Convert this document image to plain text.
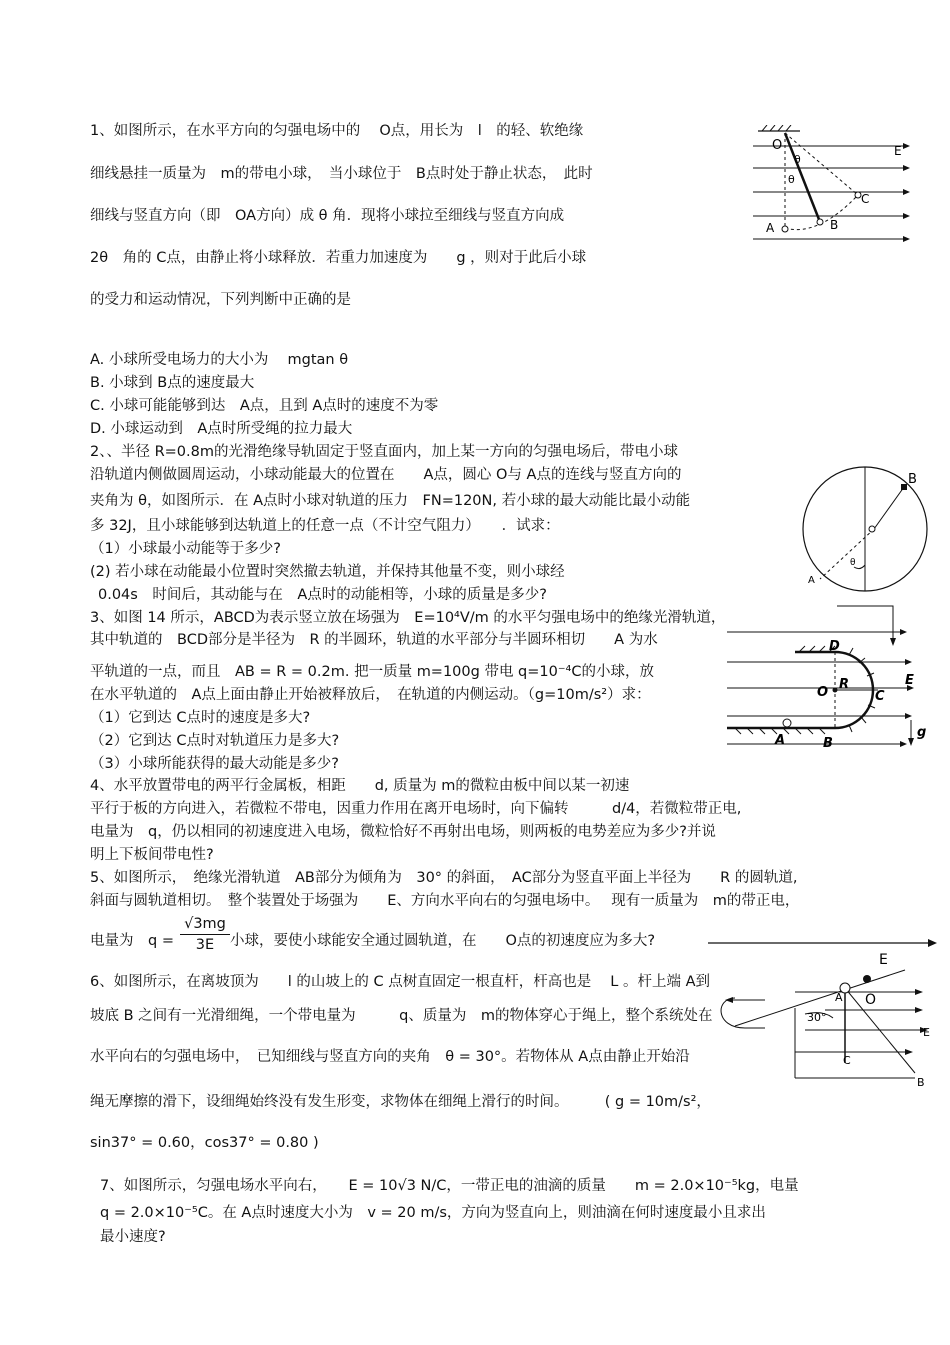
1、如图所示，在水平方向的匀强电场中的　 O点，用长为　l　的轻、软绝缘
细线悬挂一质量为　m的带电小球，　当小球位于　B点时处于静止状态，　此时
细线与竖直方向（即　OA方向）成 θ 角．现将小球拉至细线与竖直方向成
2θ　角的 C点，由静止将小球释放．若重力加速度为　　g ，则对于此后小球
的受力和运动情况，下列判断中正确的是
A. 小球所受电场力的大小为　 mgtan θ
B. 小球到 B点的速度最大
C. 小球可能能够到达　A点，且到 A点时的速度不为零
D. 小球运动到　A点时所受绳的拉力最大
O	E
θ
θ
C
A	B
2、、半径 R=0.8m的光滑绝缘导轨固定于竖直面内，加上某一方向的匀强电场后，带电小球
沿轨道内侧做圆周运动，小球动能最大的位置在　　A点，圆心 O与 A点的连线与竖直方向的
夹角为 θ，如图所示．在 A点时小球对轨道的压力　FN=120N, 若小球的最大动能比最小动能
多 32J，且小球能够到达轨道上的任意一点（不计空气阻力）　　．试求：
（1）小球最小动能等于多少?
(2) 若小球在动能最小位置时突然撤去轨道，并保持其他量不变，则小球经
0.04s　时间后，其动能与在　A点时的动能相等，小球的质量是多少?
B
A
θ
3、如图 14 所示，ABCD为表示竖立放在场强为　E=10⁴V/m 的水平匀强电场中的绝缘光滑轨道，
其中轨道的　BCD部分是半径为　R 的半圆环，轨道的水平部分与半圆环相切　　A 为水
平轨道的一点，而且　AB = R = 0.2m. 把一质量 m=100g 带电 q=10⁻⁴C的小球，放
在水平轨道的　A点上面由静止开始被释放后，　在轨道的内侧运动。（g=10m/s²）求：
（1）它到达 C点时的速度是多大?
（2）它到达 C点时对轨道压力是多大?
（3）小球所能获得的最大动能是多少?
D
O
R
C
E
A	B
g
4、水平放置带电的两平行金属板，相距　　d, 质量为 m的微粒由板中间以某一初速
平行于板的方向进入，若微粒不带电，因重力作用在离开电场时，向下偏转　　　d/4，若微粒带正电,
电量为　q，仍以相同的初速度进入电场，微粒恰好不再射出电场，则两板的电势差应为多少?并说
明上下板间带电性?
5、如图所示，　绝缘光滑轨道　AB部分为倾角为　30° 的斜面，　AC部分为竖直平面上半径为　　R 的圆轨道,
斜面与圆轨道相切。　整个装置处于场强为　　E、方向水平向右的匀强电场中。　 现有一质量为　m的带正电，
电量为　$q = \frac{√3mg}{3E}$ 小球，要使小球能安全通过圆轨道，在　　O点的初速度应为多大?
6、如图所示，在离坡顶为　　l 的山坡上的 C 点树直固定一根直杆，杆高也是　 L 。杆上端 A到
坡底 B 之间有一光滑细绳，一个带电量为　　　q、质量为　m的物体穿心于绳上，整个系统处在
水平向右的匀强电场中，　已知细线与竖直方向的夹角　θ = 30°。若物体从 A点由静止开始沿
绳无摩擦的滑下，设细绳始终没有发生形变，求物体在细绳上滑行的时间。　　　( g = 10m/s²，
sin37° = 0.60，cos37° = 0.80 )
E
A O
30°
E
C
B
7、如图所示，匀强电场水平向右，　　E = 10√3 N/C，一带正电的油滴的质量　　m = 2.0×10⁻⁵kg，电量
q = 2.0×10⁻⁵C。在 A点时速度大小为　v = 20 m/s，方向为竖直向上，则油滴在何时速度最小且求出
最小速度?
